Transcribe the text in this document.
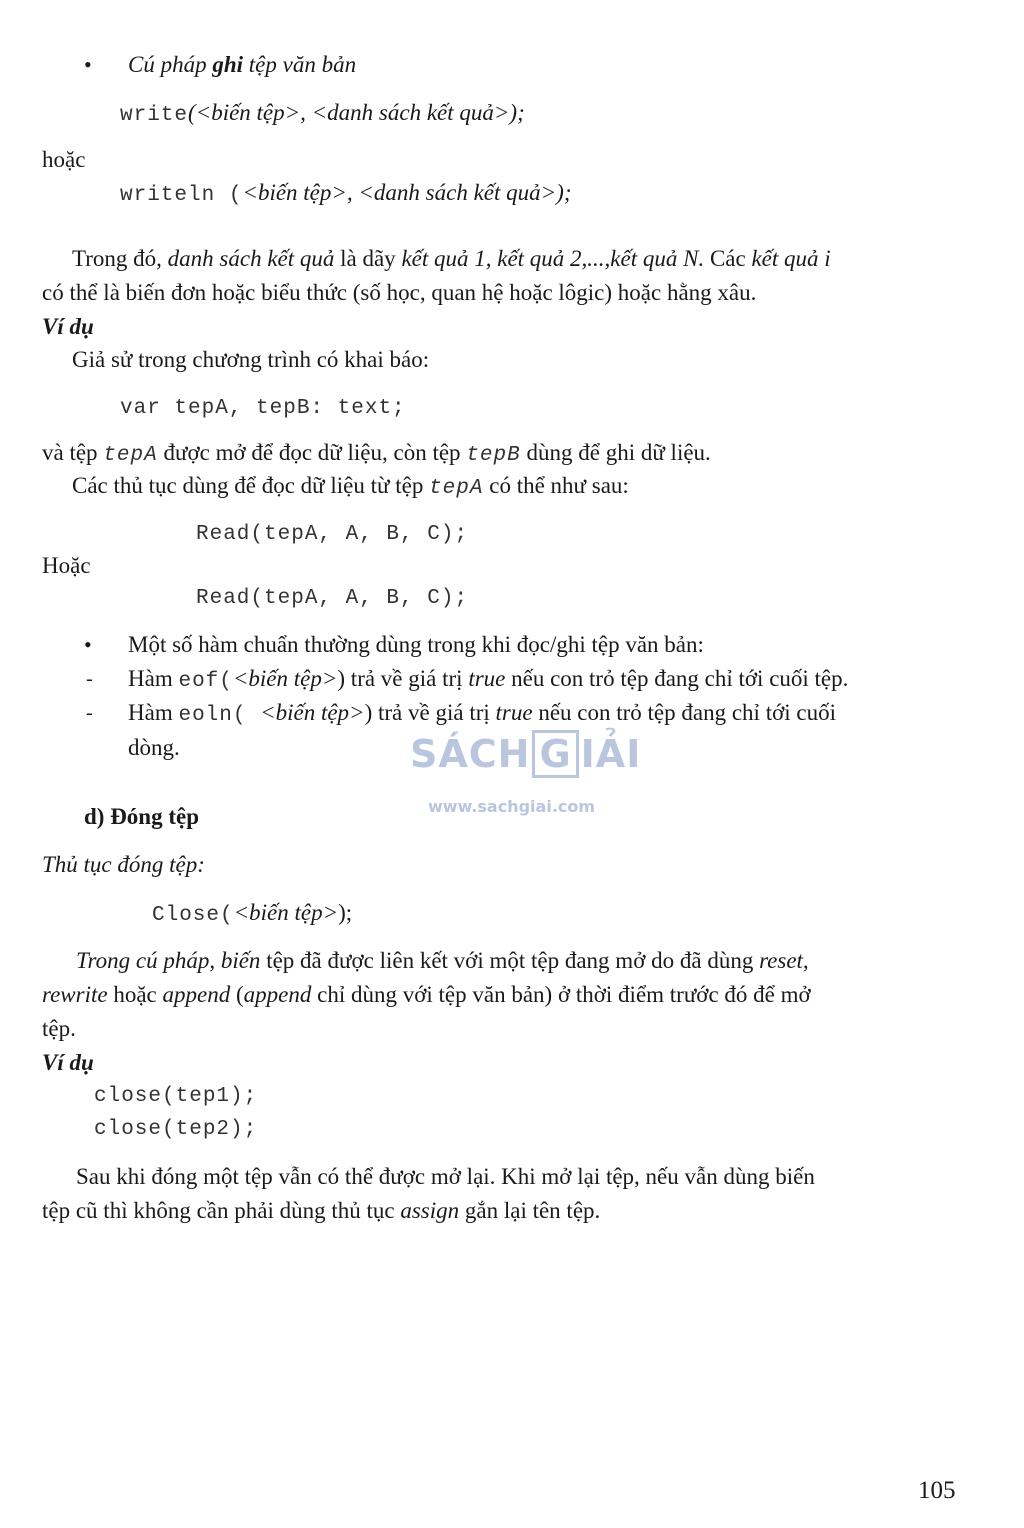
• Cú pháp ghi tệp văn bản
write(<biến tệp>, <danh sách kết quả>);
hoặc
writeln (<biến tệp>, <danh sách kết quả>);
Trong đó, danh sách kết quả là dãy kết quả 1, kết quả 2,...,kết quả N. Các kết quả i
có thể là biến đơn hoặc biểu thức (số học, quan hệ hoặc lôgic) hoặc hằng xâu.
Ví dụ
Giả sử trong chương trình có khai báo:
var tepA, tepB: text;
và tệp tepA được mở để đọc dữ liệu, còn tệp tepB dùng để ghi dữ liệu.
Các thủ tục dùng để đọc dữ liệu từ tệp tepA có thể như sau:
Read(tepA, A, B, C);
Hoặc
Read(tepA, A, B, C);
• Một số hàm chuẩn thường dùng trong khi đọc/ghi tệp văn bản:
- Hàm eof(<biến tệp>) trả về giá trị true nếu con trỏ tệp đang chỉ tới cuối tệp.
- Hàm eoln( <biến tệp>) trả về giá trị true nếu con trỏ tệp đang chỉ tới cuối
dòng.	SÁCH G IẢI
www.sachgiai.com
d) Đóng tệp
Thủ tục đóng tệp:
Close(<biến tệp>);
Trong cú pháp, biến tệp đã được liên kết với một tệp đang mở do đã dùng reset,
rewrite hoặc append (append chỉ dùng với tệp văn bản) ở thời điểm trước đó để mở
tệp.
Ví dụ
close(tep1);
close(tep2);
Sau khi đóng một tệp vẫn có thể được mở lại. Khi mở lại tệp, nếu vẫn dùng biến
tệp cũ thì không cần phải dùng thủ tục assign gắn lại tên tệp.
105
